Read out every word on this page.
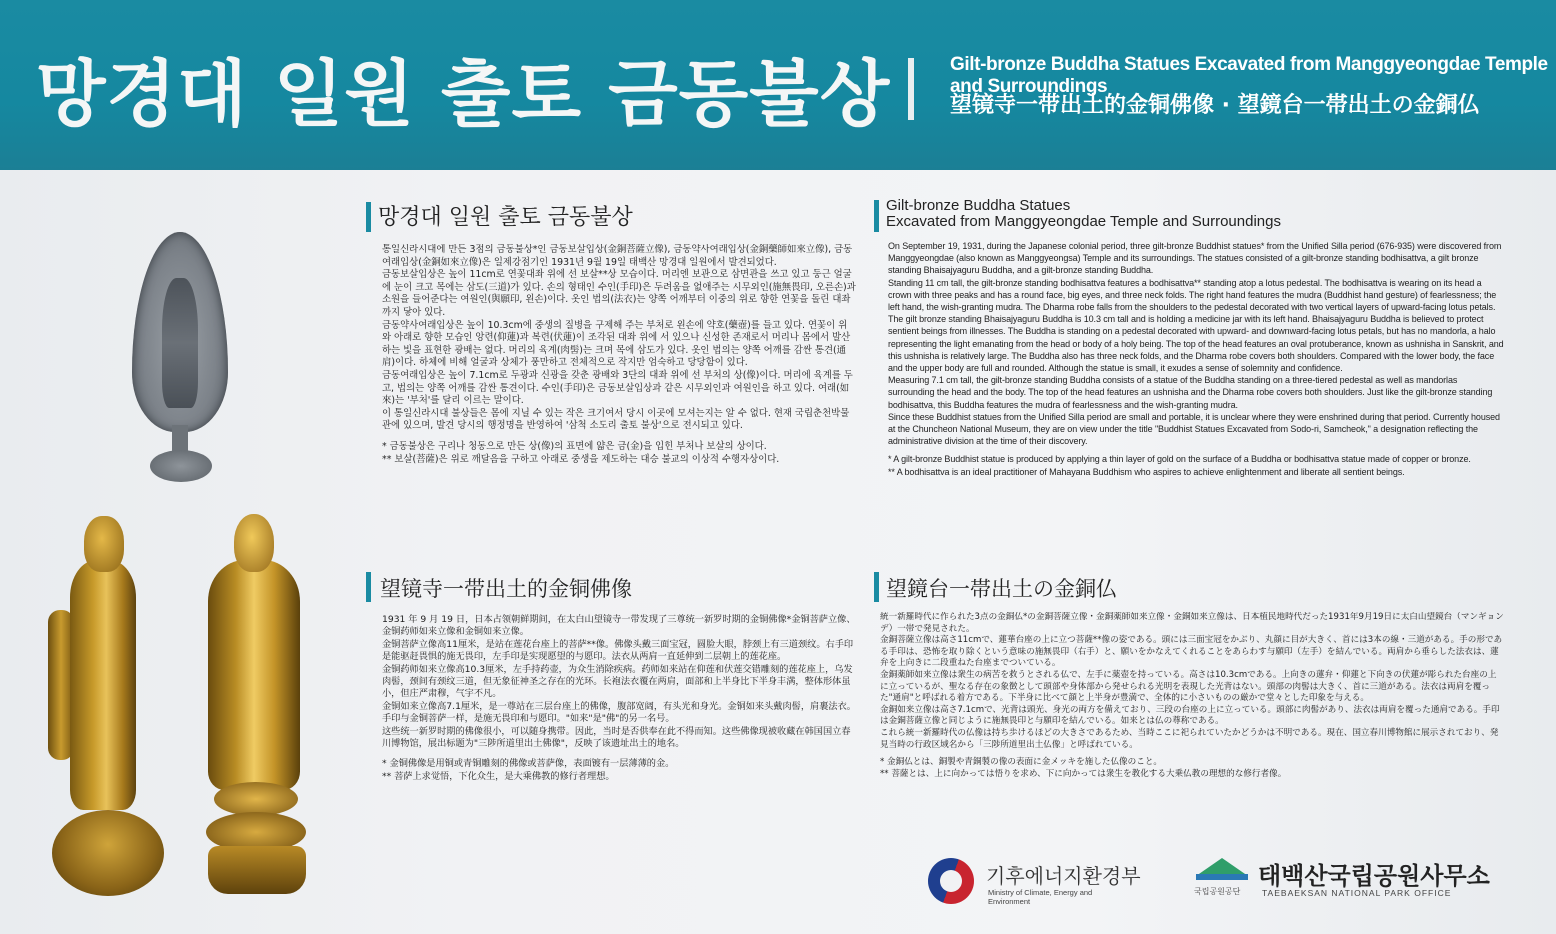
망경대 일원 출토 금동불상	Gilt-bronze Buddha Statues Excavated from Manggyeongdae Temple and Surroundings
望镜寺一带出土的金铜佛像 · 望鏡台一帯出土の金銅仏
망경대 일원 출토 금동불상

통일신라시대에 만든 3점의 금동불상*인 금동보살입상(金銅菩薩立像), 금동약사여래입상(金銅藥師如來立像), 금동여래입상(金銅如來立像)은 일제강점기인 1931년 9월 19일 태백산 망경대 일원에서 발견되었다.

금동보살입상은 높이 11cm로 연꽃대좌 위에 선 보살**상 모습이다. 머리엔 보관으로 삼면관을 쓰고 있고 둥근 얼굴에 눈이 크고 목에는 삼도(三道)가 있다. 손의 형태인 수인(手印)은 두려움을 없애주는 시무외인(施無畏印, 오른손)과 소원을 들어준다는 여원인(與願印, 왼손)이다. 옷인 법의(法衣)는 양쪽 어깨부터 이중의 위로 향한 연꽃을 돌린 대좌까지 닿아 있다.

금동약사여래입상은 높이 10.3cm에 중생의 질병을 구제해 주는 부처로 왼손에 약호(藥壺)를 들고 있다. 연꽃이 위와 아래로 향한 모습인 앙련(仰蓮)과 복련(伏蓮)이 조각된 대좌 위에 서 있으나 신성한 존재로서 머리나 몸에서 발산하는 빛을 표현한 광배는 없다. 머리의 육계(肉髻)는 크며 목에 삼도가 있다. 옷인 법의는 양쪽 어깨를 감싼 통견(通肩)이다. 하체에 비해 얼굴과 상체가 풍만하고 전체적으로 작지만 엄숙하고 당당함이 있다.

금동여래입상은 높이 7.1cm로 두광과 신광을 갖춘 광배와 3단의 대좌 위에 선 부처의 상(像)이다. 머리에 육계를 두고, 법의는 양쪽 어깨를 감싼 통견이다. 수인(手印)은 금동보살입상과 같은 시무외인과 여원인을 하고 있다. 여래(如來)는 '부처'를 달리 이르는 말이다.

이 통일신라시대 불상들은 몸에 지닐 수 있는 작은 크기여서 당시 이곳에 모셔는지는 알 수 없다. 현재 국립춘천박물관에 있으며, 발견 당시의 행정명을 반영하여 '삼척 소도리 출토 불상'으로 전시되고 있다.

* 금동불상은 구리나 청동으로 만든 상(像)의 표면에 얇은 금(金)을 입힌 부처나 보살의 상이다.

** 보살(菩薩)은 위로 깨달음을 구하고 아래로 중생을 제도하는 대승 불교의 이상적 수행자상이다.

Gilt-bronze Buddha Statues
Excavated from Manggyeongdae Temple and Surroundings

On September 19, 1931, during the Japanese colonial period, three gilt-bronze Buddhist statues* from the Unified Silla period (676-935) were discovered from Manggyeongdae (also known as Manggyeongsa) Temple and its surroundings. The statues consisted of a gilt-bronze standing bodhisattva, a gilt bronze standing Bhaisajyaguru Buddha, and a gilt-bronze standing Buddha.

Standing 11 cm tall, the gilt-bronze standing bodhisattva features a bodhisattva** standing atop a lotus pedestal. The bodhisattva is wearing on its head a crown with three peaks and has a round face, big eyes, and three neck folds. The right hand features the mudra (Buddhist hand gesture) of fearlessness; the left hand, the wish-granting mudra. The Dharma robe falls from the shoulders to the pedestal decorated with two vertical layers of upward-facing lotus petals.

The gilt bronze standing Bhaisajyaguru Buddha is 10.3 cm tall and is holding a medicine jar with its left hand. Bhaisajyaguru Buddha is believed to protect sentient beings from illnesses. The Buddha is standing on a pedestal decorated with upward- and downward-facing lotus petals, but has no mandorla, a halo representing the light emanating from the head or body of a holy being. The top of the head features an oval protuberance, known as ushnisha in Sanskrit, and this ushnisha is relatively large. The Buddha also has three neck folds, and the Dharma robe covers both shoulders. Compared with the lower body, the face and the upper body are full and rounded. Although the statue is small, it exudes a sense of solemnity and confidence.

Measuring 7.1 cm tall, the gilt-bronze standing Buddha consists of a statue of the Buddha standing on a three-tiered pedestal as well as mandorlas surrounding the head and the body. The top of the head features an ushnisha and the Dharma robe covers both shoulders. Just like the gilt-bronze standing bodhisattva, this Buddha features the mudra of fearlessness and the wish-granting mudra.

Since these Buddhist statues from the Unified Silla period are small and portable, it is unclear where they were enshrined during that period. Currently housed at the Chuncheon National Museum, they are on view under the title "Buddhist Statues Excavated from Sodo-ri, Samcheok," a designation reflecting the administrative division at the time of their discovery.

* A gilt-bronze Buddhist statue is produced by applying a thin layer of gold on the surface of a Buddha or bodhisattva statue made of copper or bronze.

** A bodhisattva is an ideal practitioner of Mahayana Buddhism who aspires to achieve enlightenment and liberate all sentient beings.

望镜寺一带出土的金铜佛像

1931 年 9 月 19 日，日本占领朝鲜期间，在太白山望镜寺一带发现了三尊统一新罗时期的金铜佛像*金铜菩萨立像、金铜药师如来立像和金铜如来立像。

金铜菩萨立像高11厘米，是站在莲花台座上的菩萨**像。佛像头戴三面宝冠，圆脸大眼，脖颈上有三道颈纹。右手印是能驱赶畏惧的施无畏印，左手印是实现愿望的与愿印。法衣从两肩一直延伸到二层朝上的莲花座。

金铜药师如来立像高10.3厘米，左手持药壶，为众生消除疾病。药师如来站在仰莲和伏莲交错雕刻的莲花座上，乌发肉髻，颈间有颈纹三道，但无象征神圣之存在的光环。长袍法衣覆在两肩，面部和上半身比下半身丰满，整体形体虽小，但庄严肃穆，气宇不凡。

金铜如来立像高7.1厘米，是一尊站在三层台座上的佛像，腹部宽阔，有头光和身光。金铜如来头戴肉髻，肩裹法衣。手印与金铜菩萨一样，是施无畏印和与愿印。"如来"是"佛"的另一名号。

这些统一新罗时期的佛像很小，可以随身携带。因此，当时是否供奉在此不得而知。这些佛像现被收藏在韩国国立春川博物馆，展出标题为"三陟所道里出土佛像"，反映了该遗址出土的地名。

* 金铜佛像是用铜或青铜雕刻的佛像或菩萨像，表面镀有一层薄薄的金。

** 菩萨上求觉悟，下化众生，是大乘佛教的修行者理想。

望鏡台一帯出土の金銅仏

統一新羅時代に作られた3点の金銅仏*の金銅菩薩立像・金銅薬師如来立像・金銅如来立像は、日本植民地時代だった1931年9月19日に太白山望鏡台（マンギョンデ）一帯で発見された。

金銅菩薩立像は高さ11cmで、蓮華台座の上に立つ菩薩**像の姿である。頭には三面宝冠をかぶり、丸顔に目が大きく、首には3本の線・三道がある。手の形である手印は、恐怖を取り除くという意味の施無畏印（右手）と、願いをかなえてくれることをあらわす与願印（左手）を結んでいる。両肩から垂らした法衣は、蓮弁を上向きに二段重ねた台座までついている。

金銅薬師如来立像は衆生の病苦を救うとされる仏で、左手に薬壺を持っている。高さは10.3cmである。上向きの蓮弁・仰蓮と下向きの伏蓮が彫られた台座の上に立っているが、聖なる存在の象徴として頭部や身体部から発せられる光明を表現した光背はない。頭部の肉髻は大きく、首に三道がある。法衣は両肩を覆った"通肩"と呼ばれる着方である。下半身に比べて顔と上半身が豊満で、全体的に小さいものの厳かで堂々とした印象を与える。

金銅如来立像は高さ7.1cmで、光背は頭光、身光の両方を備えており、三段の台座の上に立っている。頭部に肉髻があり、法衣は両肩を覆った通肩である。手印は金銅菩薩立像と同じように施無畏印と与願印を結んでいる。如来とは仏の尊称である。

これら統一新羅時代の仏像は持ち歩けるほどの大きさであるため、当時ここに祀られていたかどうかは不明である。現在、国立春川博物館に展示されており、発見当時の行政区域名から「三陟所道里出土仏像」と呼ばれている。

* 金銅仏とは、銅製や青銅製の像の表面に金メッキを施した仏像のこと。

** 菩薩とは、上に向かっては悟りを求め、下に向かっては衆生を教化する大乗仏教の理想的な修行者像。

기후에너지환경부
Ministry of Climate, Energy and Environment
국립공원공단
태백산국립공원사무소
TAEBAEKSAN NATIONAL PARK OFFICE
